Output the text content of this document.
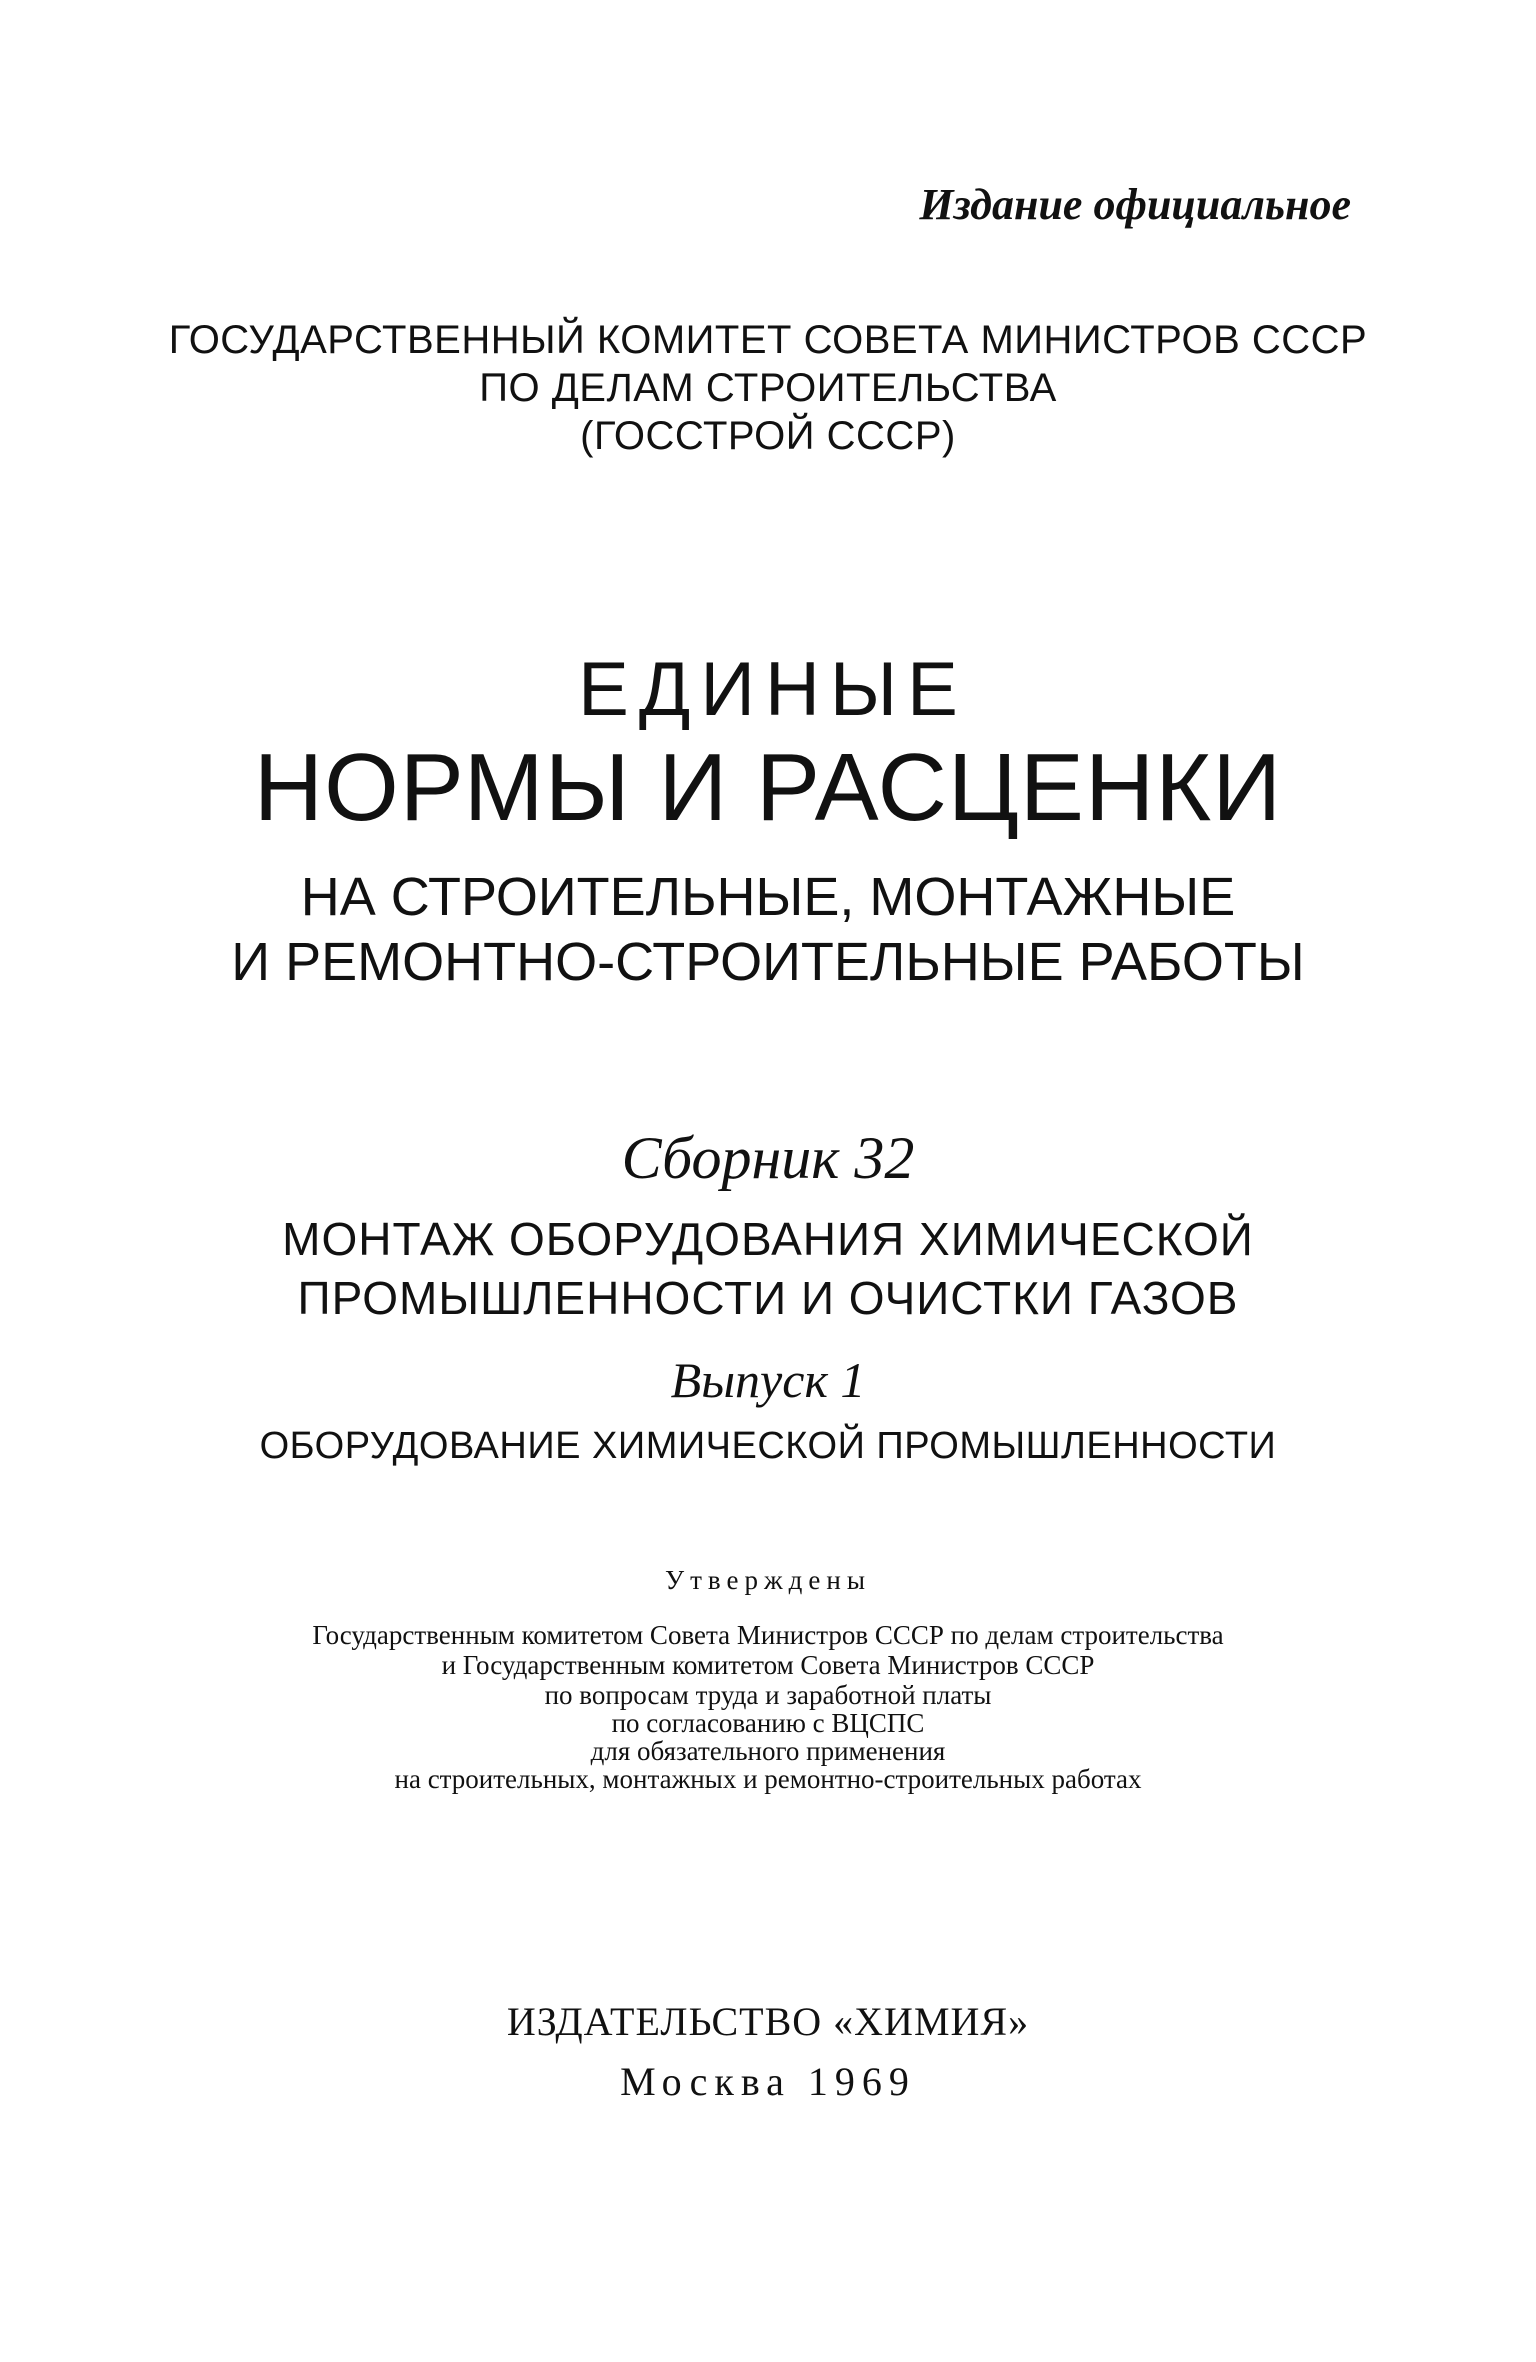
Издание официальное
ГОСУДАРСТВЕННЫЙ КОМИТЕТ СОВЕТА МИНИСТРОВ СССР
ПО ДЕЛАМ СТРОИТЕЛЬСТВА
(ГОССТРОЙ СССР)
ЕДИНЫЕ
НОРМЫ И РАСЦЕНКИ
НА СТРОИТЕЛЬНЫЕ, МОНТАЖНЫЕ
И РЕМОНТНО-СТРОИТЕЛЬНЫЕ РАБОТЫ
Сборник 32
МОНТАЖ ОБОРУДОВАНИЯ ХИМИЧЕСКОЙ
ПРОМЫШЛЕННОСТИ И ОЧИСТКИ ГАЗОВ
Выпуск 1
ОБОРУДОВАНИЕ ХИМИЧЕСКОЙ ПРОМЫШЛЕННОСТИ
Утверждены
Государственным комитетом Совета Министров СССР по делам строительства
и Государственным комитетом Совета Министров СССР
по вопросам труда и заработной платы
по согласованию с ВЦСПС
для обязательного применения
на строительных, монтажных и ремонтно-строительных работах
ИЗДАТЕЛЬСТВО «ХИМИЯ»
Москва 1969
